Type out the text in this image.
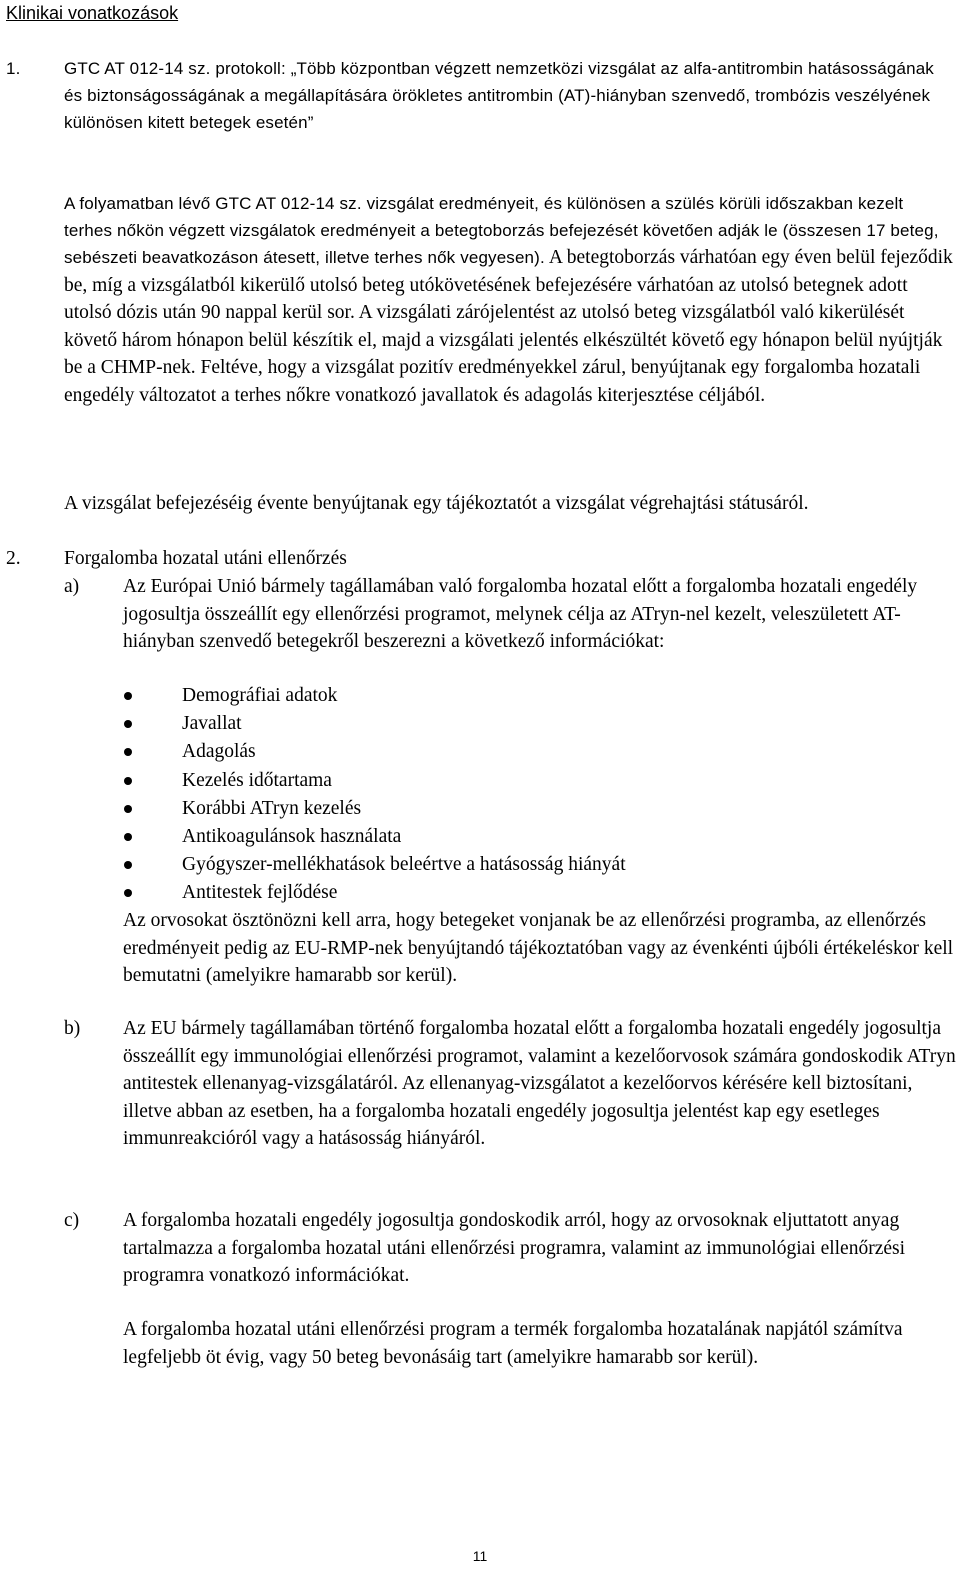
Klinikai vonatkozások
1.	GTC AT 012-14 sz. protokoll: „Több központban végzett nemzetközi vizsgálat az alfa-antitrombin hatásosságának és biztonságosságának a megállapítására örökletes antitrombin (AT)-hiányban szenvedő, trombózis veszélyének különösen kitett betegek esetén”
A folyamatban lévő GTC AT 012-14 sz. vizsgálat eredményeit, és különösen a szülés körüli időszakban kezelt terhes nőkön végzett vizsgálatok eredményeit a betegtoborzás befejezését követően adják le (összesen 17 beteg, sebészeti beavatkozáson átesett, illetve terhes nők vegyesen). A betegtoborzás várhatóan egy éven belül fejeződik be, míg a vizsgálatból kikerülő utolsó beteg utókövetésének befejezésére várhatóan az utolsó betegnek adott utolsó dózis után 90 nappal kerül sor. A vizsgálati zárójelentést az utolsó beteg vizsgálatból való kikerülését követő három hónapon belül készítik el, majd a vizsgálati jelentés elkészültét követő egy hónapon belül nyújtják be a CHMP-nek. Feltéve, hogy a vizsgálat pozitív eredményekkel zárul, benyújtanak egy forgalomba hozatali engedély változatot a terhes nőkre vonatkozó javallatok és adagolás kiterjesztése céljából.
A vizsgálat befejezéséig évente benyújtanak egy tájékoztatót a vizsgálat végrehajtási státusáról.
2. Forgalomba hozatal utáni ellenőrzés
a) Az Európai Unió bármely tagállamában való forgalomba hozatal előtt a forgalomba hozatali engedély jogosultja összeállít egy ellenőrzési programot, melynek célja az ATryn-nel kezelt, veleszületett AT-hiányban szenvedő betegekről beszerezni a következő információkat:
Demográfiai adatok
Javallat
Adagolás
Kezelés időtartama
Korábbi ATryn kezelés
Antikoagulánsok használata
Gyógyszer-mellékhatások beleértve a hatásosság hiányát
Antitestek fejlődése
Az orvosokat ösztönözni kell arra, hogy betegeket vonjanak be az ellenőrzési programba, az ellenőrzés eredményeit pedig az EU-RMP-nek benyújtandó tájékoztatóban vagy az évenkénti újbóli értékeléskor kell bemutatni (amelyikre hamarabb sor kerül).
b) Az EU bármely tagállamában történő forgalomba hozatal előtt a forgalomba hozatali engedély jogosultja összeállít egy immunológiai ellenőrzési programot, valamint a kezelőorvosok számára gondoskodik ATryn antitestek ellenanyag-vizsgálatáról. Az ellenanyag-vizsgálatot a kezelőorvos kérésére kell biztosítani, illetve abban az esetben, ha a forgalomba hozatali engedély jogosultja jelentést kap egy esetleges immunreakcióról vagy a hatásosság hiányáról.
c) A forgalomba hozatali engedély jogosultja gondoskodik arról, hogy az orvosoknak eljuttatott anyag tartalmazza a forgalomba hozatal utáni ellenőrzési programra, valamint az immunológiai ellenőrzési programra vonatkozó információkat.
A forgalomba hozatal utáni ellenőrzési program a termék forgalomba hozatalának napjától számítva legfeljebb öt évig, vagy 50 beteg bevonásáig tart (amelyikre hamarabb sor kerül).
11
